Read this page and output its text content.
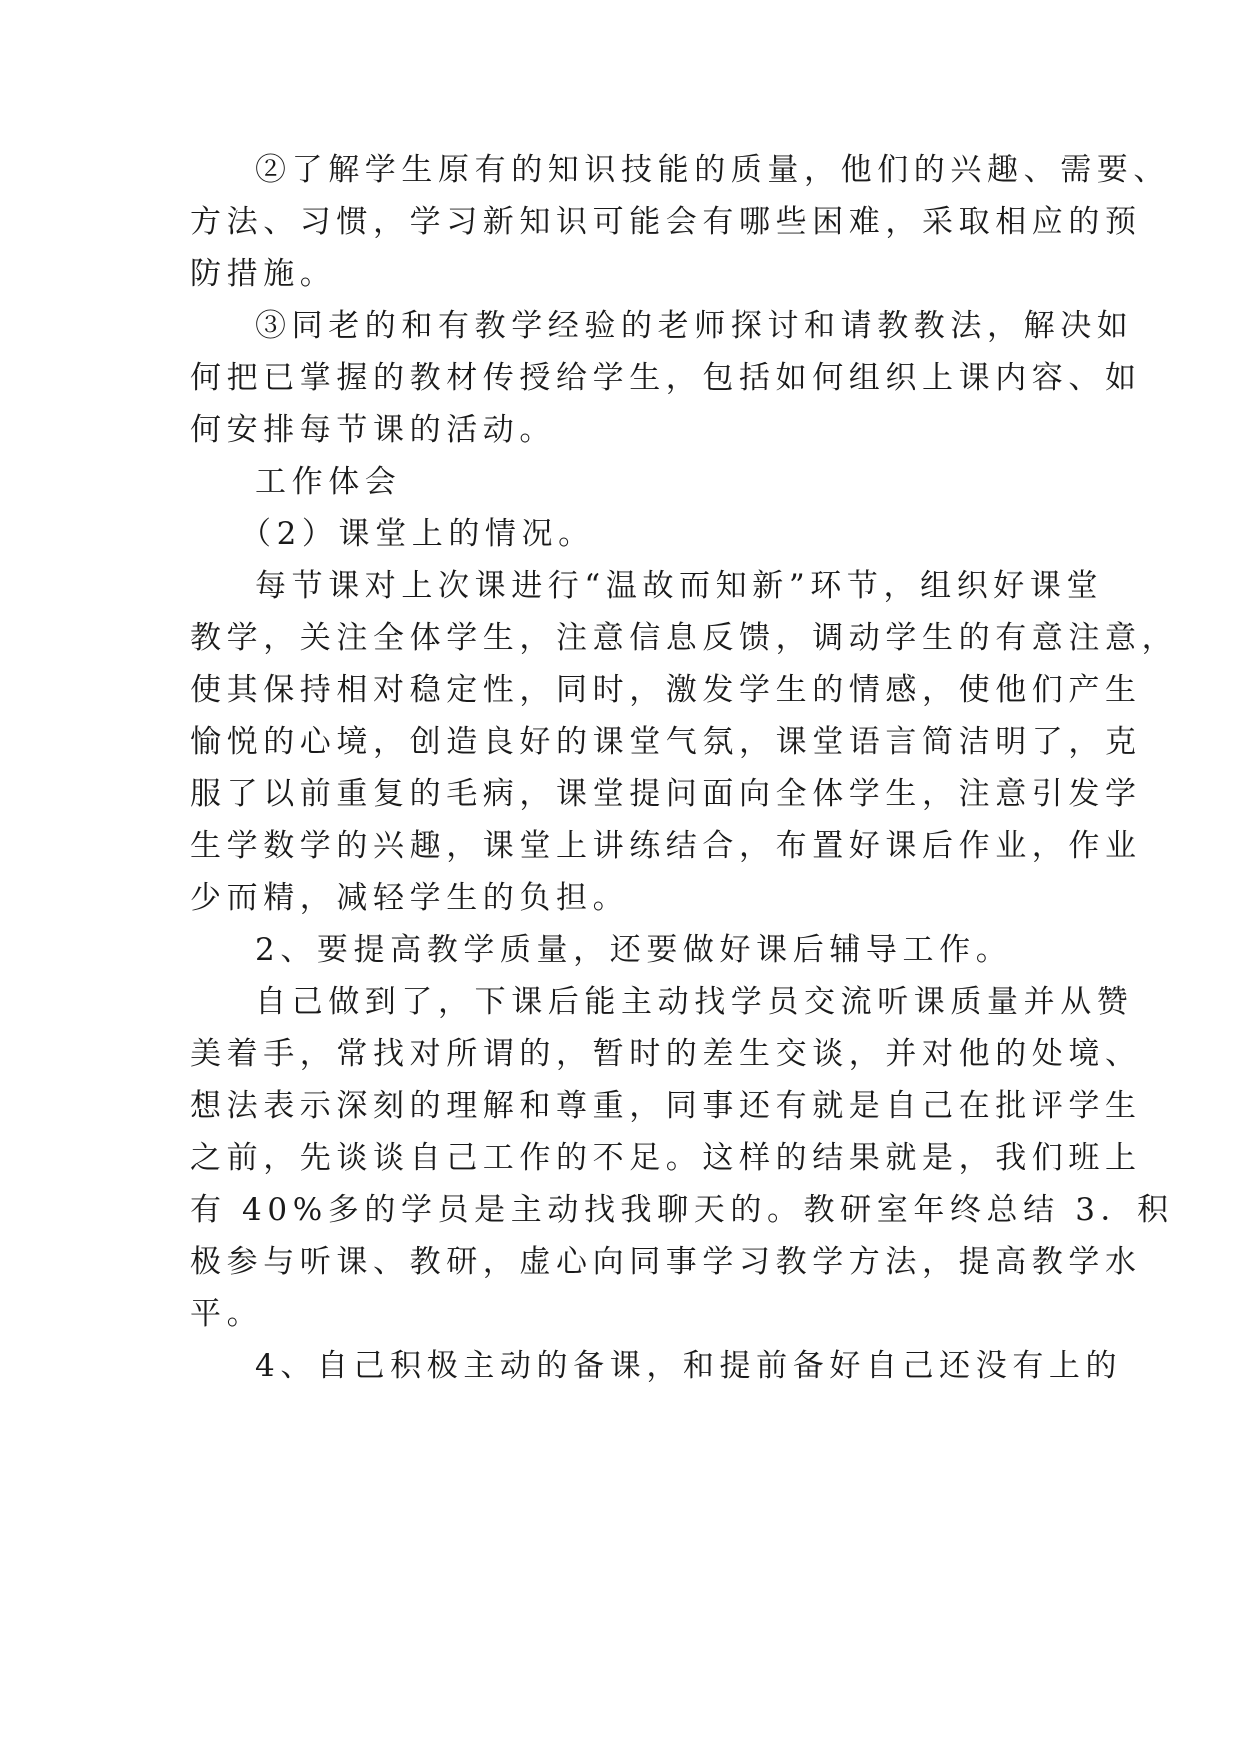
②了解学生原有的知识技能的质量，他们的兴趣、需要、
方法、习惯，学习新知识可能会有哪些困难，采取相应的预
防措施。
③同老的和有教学经验的老师探讨和请教教法，解决如
何把已掌握的教材传授给学生，包括如何组织上课内容、如
何安排每节课的活动。
工作体会
（2）课堂上的情况。
每节课对上次课进行“温故而知新”环节，组织好课堂
教学，关注全体学生，注意信息反馈，调动学生的有意注意，
使其保持相对稳定性，同时，激发学生的情感，使他们产生
愉悦的心境，创造良好的课堂气氛，课堂语言简洁明了，克
服了以前重复的毛病，课堂提问面向全体学生，注意引发学
生学数学的兴趣，课堂上讲练结合，布置好课后作业，作业
少而精，减轻学生的负担。
2、要提高教学质量，还要做好课后辅导工作。
自己做到了，下课后能主动找学员交流听课质量并从赞
美着手，常找对所谓的，暂时的差生交谈，并对他的处境、
想法表示深刻的理解和尊重，同事还有就是自己在批评学生
之前，先谈谈自己工作的不足。这样的结果就是，我们班上
有 40%多的学员是主动找我聊天的。教研室年终总结 3．积
极参与听课、教研，虚心向同事学习教学方法，提高教学水
平。
4、自己积极主动的备课，和提前备好自己还没有上的
